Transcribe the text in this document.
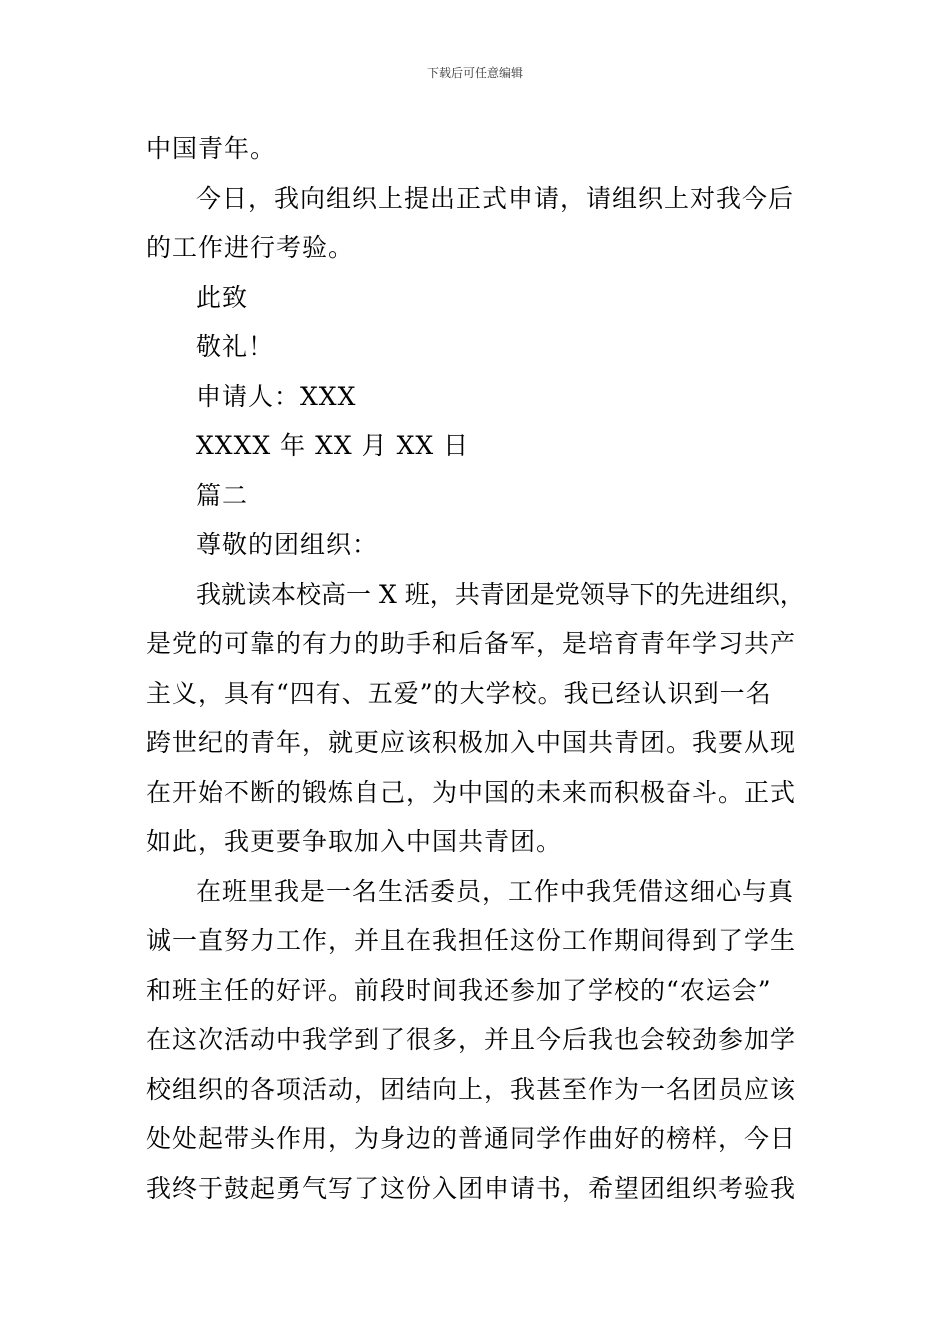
下载后可任意编辑

中国青年。

今日，我向组织上提出正式申请，请组织上对我今后

的工作进行考验。

此致

敬礼！

申请人：XXX

XXXX 年 XX 月 XX 日

篇二

尊敬的团组织：

我就读本校高一 X 班，共青团是党领导下的先进组织，

是党的可靠的有力的助手和后备军，是培育青年学习共产

主义，具有“四有、五爱”的大学校。我已经认识到一名

跨世纪的青年，就更应该积极加入中国共青团。我要从现

在开始不断的锻炼自己，为中国的未来而积极奋斗。正式

如此，我更要争取加入中国共青团。

在班里我是一名生活委员，工作中我凭借这细心与真

诚一直努力工作，并且在我担任这份工作期间得到了学生

和班主任的好评。前段时间我还参加了学校的“农运会”

在这次活动中我学到了很多，并且今后我也会较劲参加学

校组织的各项活动，团结向上，我甚至作为一名团员应该

处处起带头作用，为身边的普通同学作曲好的榜样，今日

我终于鼓起勇气写了这份入团申请书，希望团组织考验我
